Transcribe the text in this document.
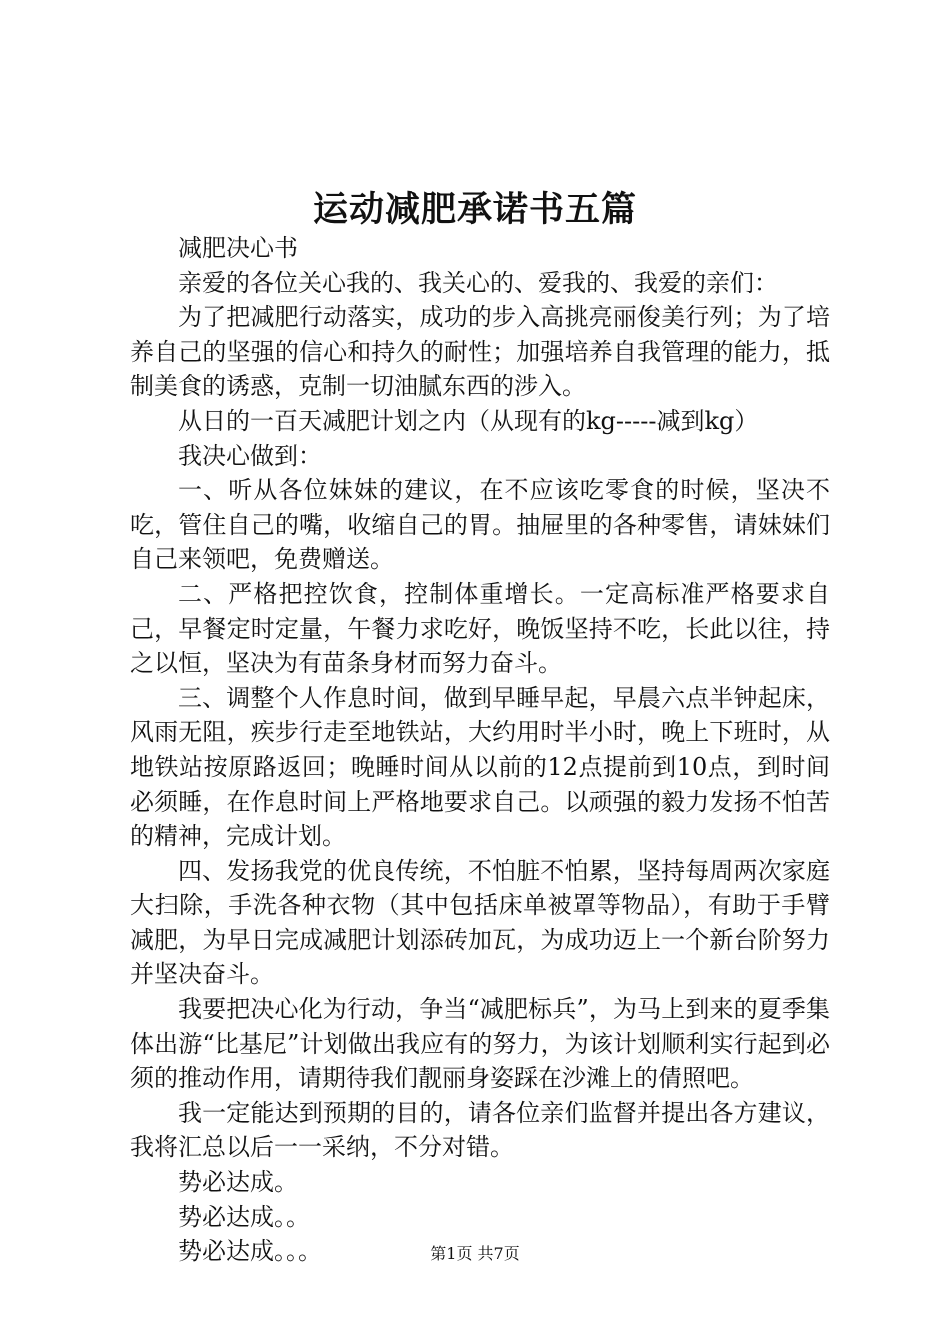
运动减肥承诺书五篇

减肥决心书

亲爱的各位关心我的、我关心的、爱我的、我爱的亲们：

为了把减肥行动落实，成功的步入高挑亮丽俊美行列；为了培养自己的坚强的信心和持久的耐性；加强培养自我管理的能力，抵制美食的诱惑，克制一切油腻东西的涉入。

从日的一百天减肥计划之内（从现有的kg-----减到kg）

我决心做到：

一、听从各位妹妹的建议，在不应该吃零食的时候，坚决不吃，管住自己的嘴，收缩自己的胃。抽屉里的各种零售，请妹妹们自己来领吧，免费赠送。

二、严格把控饮食，控制体重增长。一定高标准严格要求自己，早餐定时定量，午餐力求吃好，晚饭坚持不吃，长此以往，持之以恒，坚决为有苗条身材而努力奋斗。

三、调整个人作息时间，做到早睡早起，早晨六点半钟起床，风雨无阻，疾步行走至地铁站，大约用时半小时，晚上下班时，从地铁站按原路返回；晚睡时间从以前的12点提前到10点，到时间必须睡，在作息时间上严格地要求自己。以顽强的毅力发扬不怕苦的精神，完成计划。

四、发扬我党的优良传统，不怕脏不怕累，坚持每周两次家庭大扫除，手洗各种衣物（其中包括床单被罩等物品），有助于手臂减肥，为早日完成减肥计划添砖加瓦，为成功迈上一个新台阶努力并坚决奋斗。

我要把决心化为行动，争当“减肥标兵”，为马上到来的夏季集体出游“比基尼”计划做出我应有的努力，为该计划顺利实行起到必须的推动作用，请期待我们靓丽身姿踩在沙滩上的倩照吧。

我一定能达到预期的目的，请各位亲们监督并提出各方建议，我将汇总以后一一采纳，不分对错。

势必达成。

势必达成。。

势必达成。。。	第1页 共7页
